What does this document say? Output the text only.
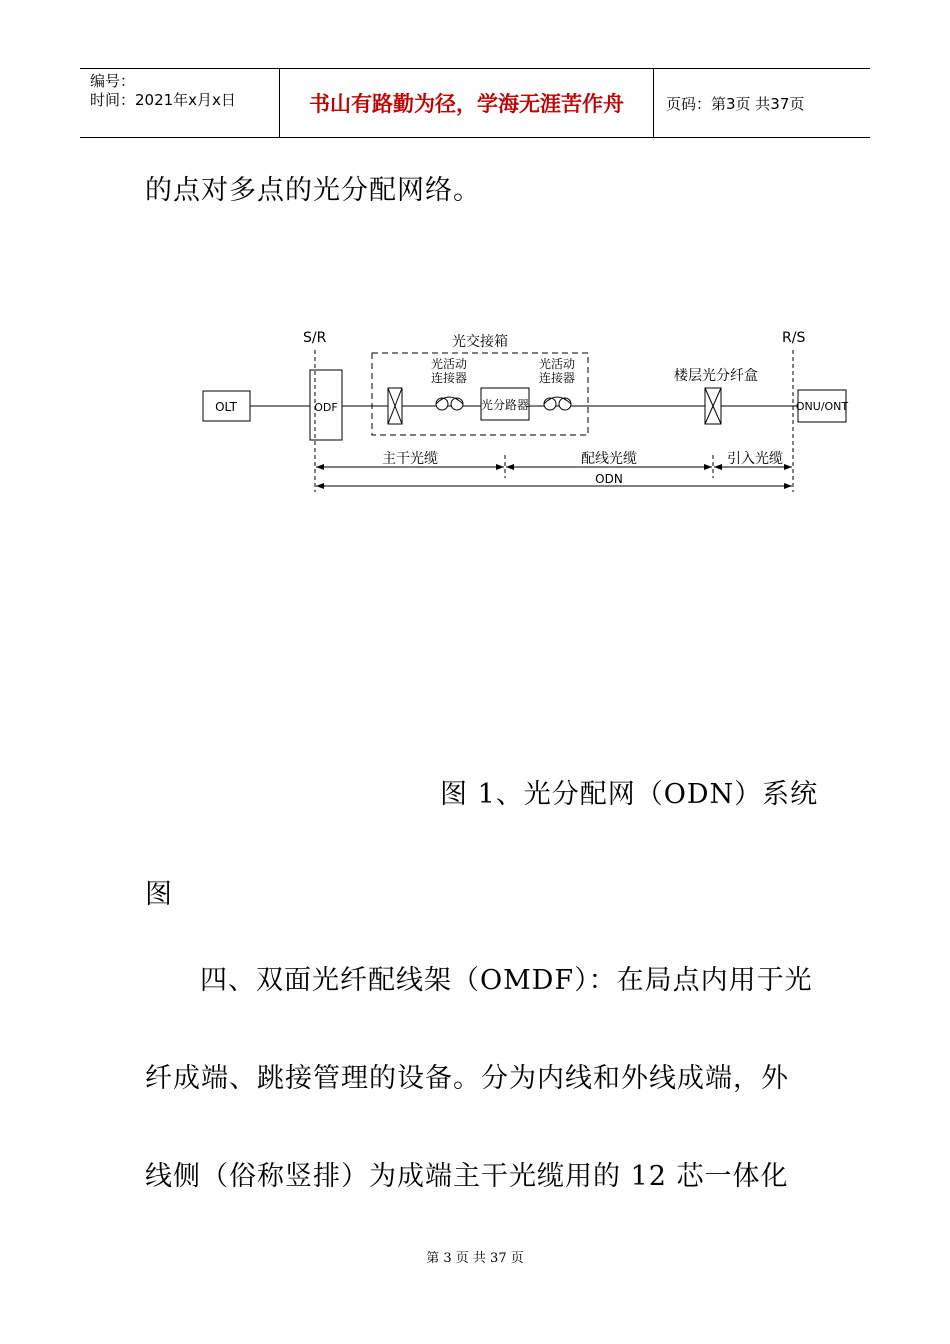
编号：
时间：2021年x月x日	书山有路勤为径，学海无涯苦作舟	页码：第3页 共37页
的点对多点的光分配网络。
S/R	R/S
光交接箱
OLT	ODF
光活动
连接器
光分路器
光活动
连接器	楼层光分纤盒
ONU/ONT
主干光缆	配线光缆	引入光缆
ODN
图 1、光分配网（ODN）系统
图
四、双面光纤配线架（OMDF）：在局点内用于光
纤成端、跳接管理的设备。分为内线和外线成端，外
线侧（俗称竖排）为成端主干光缆用的 12 芯一体化
第 3 页 共 37 页
